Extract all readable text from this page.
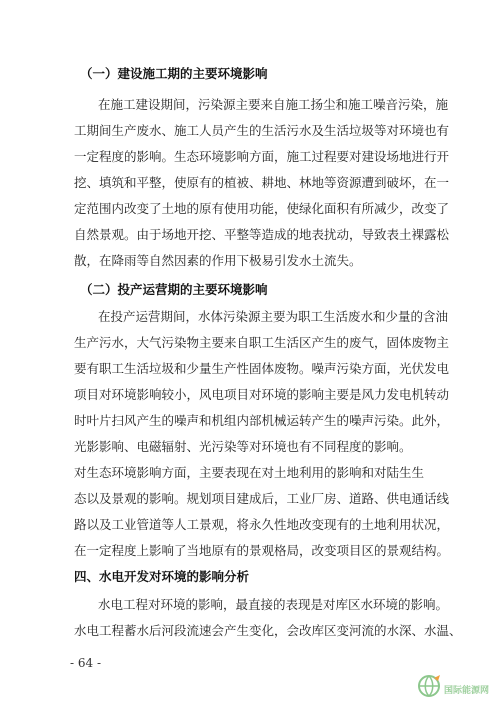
（一）建设施工期的主要环境影响
在施工建设期间，污染源主要来自施工扬尘和施工噪音污染，施
工期间生产废水、施工人员产生的生活污水及生活垃圾等对环境也有
一定程度的影响。生态环境影响方面，施工过程要对建设场地进行开
挖、填筑和平整，使原有的植被、耕地、林地等资源遭到破坏，在一
定范围内改变了土地的原有使用功能，使绿化面积有所减少，改变了
自然景观。由于场地开挖、平整等造成的地表扰动，导致表土裸露松
散，在降雨等自然因素的作用下极易引发水土流失。
（二）投产运营期的主要环境影响
在投产运营期间，水体污染源主要为职工生活废水和少量的含油
生产污水，大气污染物主要来自职工生活区产生的废气，固体废物主
要有职工生活垃圾和少量生产性固体废物。噪声污染方面，光伏发电
项目对环境影响较小，风电项目对环境的影响主要是风力发电机转动
时叶片扫风产生的噪声和机组内部机械运转产生的噪声污染。此外，
光影影响、电磁辐射、光污染等对环境也有不同程度的影响。
对生态环境影响方面，主要表现在对土地利用的影响和对陆生生
态以及景观的影响。规划项目建成后，工业厂房、道路、供电通话线
路以及工业管道等人工景观，将永久性地改变现有的土地利用状况，
在一定程度上影响了当地原有的景观格局，改变项目区的景观结构。
四、水电开发对环境的影响分析
水电工程对环境的影响，最直接的表现是对库区水环境的影响。
水电工程蓄水后河段流速会产生变化，会改库区变河流的水深、水温、
- 64 -
国际能源网
